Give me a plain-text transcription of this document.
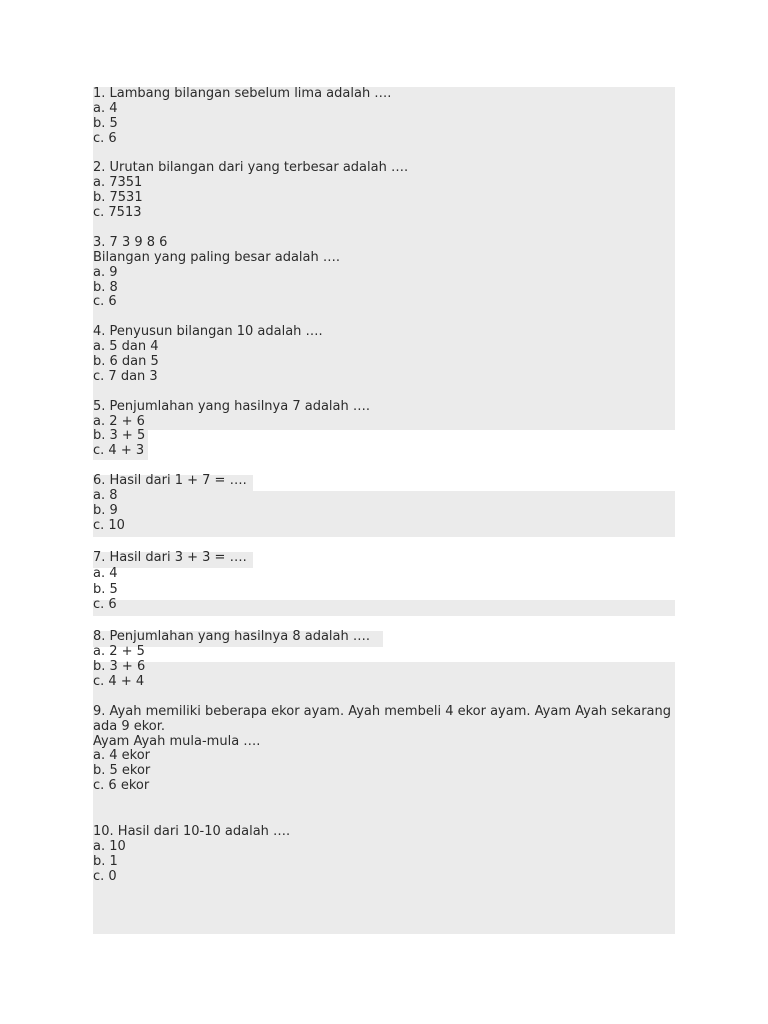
1. Lambang bilangan sebelum lima adalah ….
a. 4
b. 5
c. 6
2. Urutan bilangan dari yang terbesar adalah ….
a. 7351
b. 7531
c. 7513
3. 7 3 9 8 6
Bilangan yang paling besar adalah ….
a. 9
b. 8
c. 6
4. Penyusun bilangan 10 adalah ….
a. 5 dan 4
b. 6 dan 5
c. 7 dan 3
5. Penjumlahan yang hasilnya 7 adalah ….
a. 2 + 6
b. 3 + 5
c. 4 + 3
6. Hasil dari 1 + 7 = ….
a. 8
b. 9
c. 10
7. Hasil dari 3 + 3 = ….
a. 4
b. 5
c. 6
8. Penjumlahan yang hasilnya 8 adalah ….
a. 2 + 5
b. 3 + 6
c. 4 + 4
9. Ayah memiliki beberapa ekor ayam. Ayah membeli 4 ekor ayam. Ayam Ayah sekarang ada 9 ekor.
Ayam Ayah mula-mula ….
a. 4 ekor
b. 5 ekor
c. 6 ekor
10. Hasil dari 10-10 adalah ….
a. 10
b. 1
c. 0
